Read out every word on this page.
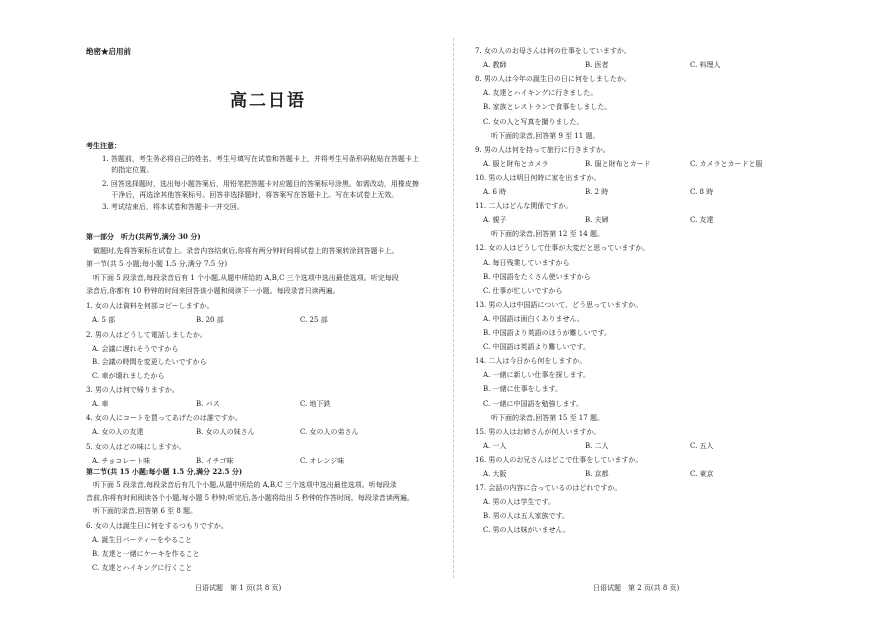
绝密★启用前
高二日语
考生注意：
1. 答题前，考生务必将自己的姓名、考生号填写在试卷和答题卡上，并将考生号条形码粘贴在答题卡上
　 的指定位置。
2. 回答选择题时，选出每小题答案后，用铅笔把答题卡对应题目的答案标号涂黑。如需改动，用橡皮擦
　 干净后，再选涂其他答案标号。回答非选择题时，将答案写在答题卡上。写在本试卷上无效。
3. 考试结束后，将本试卷和答题卡一并交回。
第一部分　听力(共两节,满分 30 分)
　做题时,先将答案标在试卷上。录音内容结束后,你将有两分钟时间将试卷上的答案转涂到答题卡上。
第一节(共 5 小题;每小题 1.5 分,满分 7.5 分)
　听下面 5 段录音,每段录音后有 1 个小题,从题中所给的 A,B,C 三个选项中选出最佳选项。听完每段
录音后,你都有 10 秒钟的时间来回答该小题和阅读下一小题。每段录音只读两遍。
1. 女の人は資料を何部コピーしますか。
A. 5 部	B. 20 部	C. 25 部
2. 男の人はどうして電話しましたか。
A. 会議に遅れそうですから
B. 会議の時間を変更したいですから
C. 車が壊れましたから
3. 男の人は何で帰りますか。
A. 車	B. バス	C. 地下鉄
4. 女の人にコートを買ってあげたのは誰ですか。
A. 女の人の友達	B. 女の人の妹さん	C. 女の人の弟さん
5. 女の人はどの味にしますか。
A. チョコレート味	B. イチゴ味	C. オレンジ味
第二节(共 15 小题;每小题 1.5 分,满分 22.5 分)
　听下面 5 段录音,每段录音后有几个小题,从题中所给的 A,B,C 三个选项中选出最佳选项。听每段录
音前,你将有时间阅读各个小题,每小题 5 秒钟;听完后,各小题将给出 5 秒钟的作答时间。每段录音读两遍。
　听下面的录音,回答第 6 至 8 题。
6. 女の人は誕生日に何をするつもりですか。
A. 誕生日パーティーをやること
B. 友達と一緒にケーキを作ること
C. 友達とハイキングに行くこと
日语试题　第 1 页(共 8 页)
7. 女の人のお母さんは何の仕事をしていますか。
A. 教師	B. 医者	C. 料理人
8. 男の人は今年の誕生日の日に何をしましたか。
A. 友達とハイキングに行きました。
B. 家族とレストランで食事をしました。
C. 女の人と写真を撮りました。
听下面的录音,回答第 9 至 11 题。
9. 男の人は何を持って旅行に行きますか。
A. 服と財布とカメラ	B. 服と財布とカード	C. カメラとカードと服
10. 男の人は明日何時に家を出ますか。
A. 6 時	B. 2 時	C. 8 時
11. 二人はどんな関係ですか。
A. 親子	B. 夫婦	C. 友達
听下面的录音,回答第 12 至 14 题。
12. 女の人はどうして仕事が大変だと思っていますか。
A. 毎日残業していますから
B. 中国語をたくさん使いますから
C. 仕事が忙しいですから
13. 男の人は中国語について、どう思っていますか。
A. 中国語は面白くありません。
B. 中国語より英語のほうが難しいです。
C. 中国語は英語より難しいです。
14. 二人は今日から何をしますか。
A. 一緒に新しい仕事を探します。
B. 一緒に仕事をします。
C. 一緒に中国語を勉強します。
听下面的录音,回答第 15 至 17 题。
15. 男の人はお姉さんが何人いますか。
A. 一人	B. 二人	C. 五人
16. 男の人のお兄さんはどこで仕事をしていますか。
A. 大阪	B. 京都	C. 東京
17. 会話の内容に合っているのはどれですか。
A. 男の人は学生です。
B. 男の人は五人家族です。
C. 男の人は妹がいません。
日语试题　第 2 页(共 8 页)
